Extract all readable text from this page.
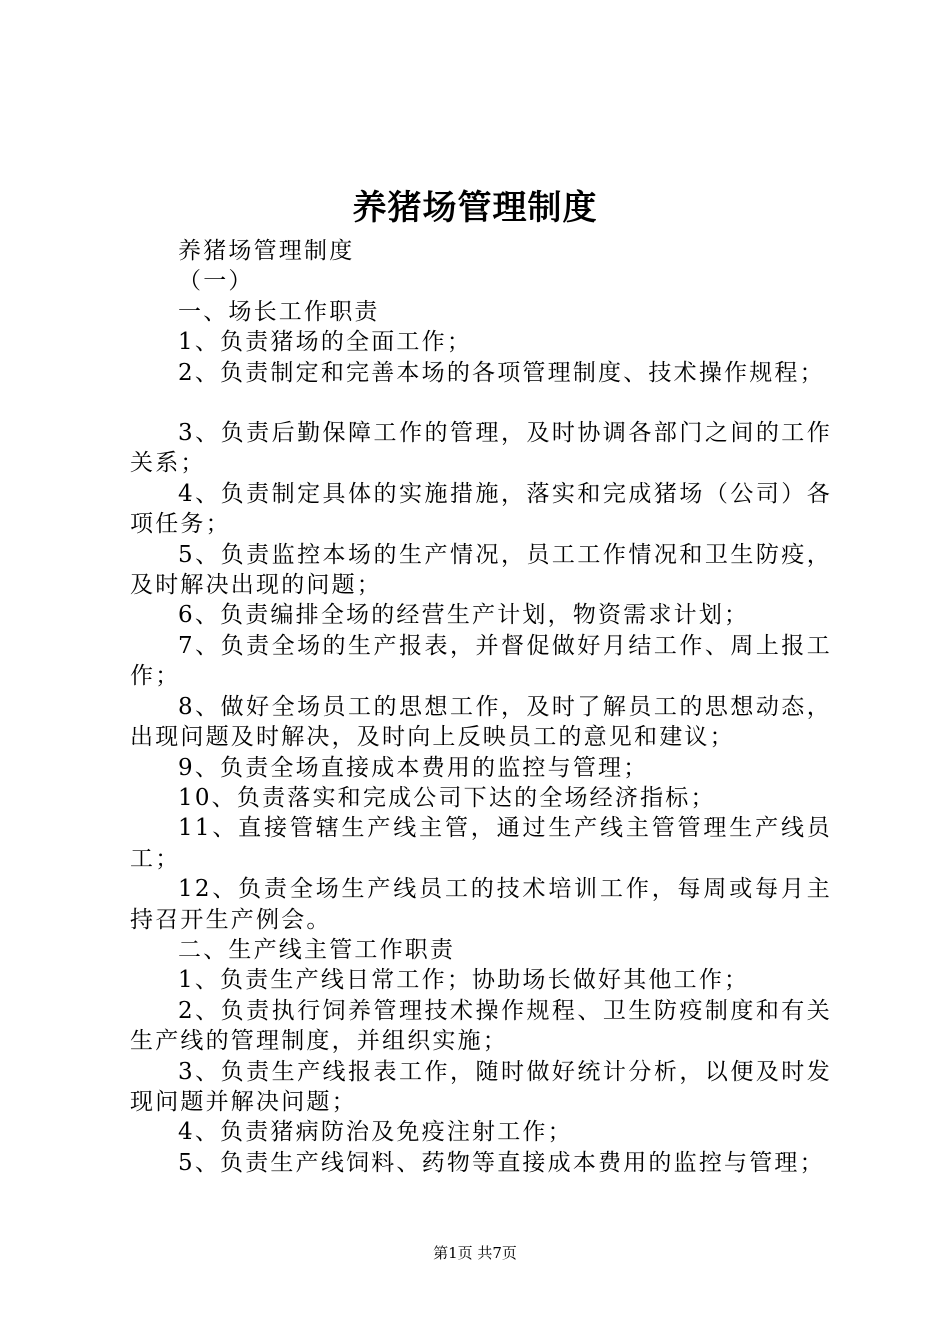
养猪场管理制度

养猪场管理制度

（一）

一、场长工作职责

1、负责猪场的全面工作；

2、负责制定和完善本场的各项管理制度、技术操作规程；

3、负责后勤保障工作的管理，及时协调各部门之间的工作关系；

4、负责制定具体的实施措施，落实和完成猪场（公司）各项任务；

5、负责监控本场的生产情况，员工工作情况和卫生防疫，及时解决出现的问题；

6、负责编排全场的经营生产计划，物资需求计划；

7、负责全场的生产报表，并督促做好月结工作、周上报工作；

8、做好全场员工的思想工作，及时了解员工的思想动态，出现问题及时解决，及时向上反映员工的意见和建议；

9、负责全场直接成本费用的监控与管理；

10、负责落实和完成公司下达的全场经济指标；

11、直接管辖生产线主管，通过生产线主管管理生产线员工；

12、负责全场生产线员工的技术培训工作，每周或每月主持召开生产例会。

二、生产线主管工作职责

1、负责生产线日常工作；协助场长做好其他工作；

2、负责执行饲养管理技术操作规程、卫生防疫制度和有关生产线的管理制度，并组织实施；

3、负责生产线报表工作，随时做好统计分析，以便及时发现问题并解决问题；

4、负责猪病防治及免疫注射工作；

5、负责生产线饲料、药物等直接成本费用的监控与管理；

第1页 共7页
